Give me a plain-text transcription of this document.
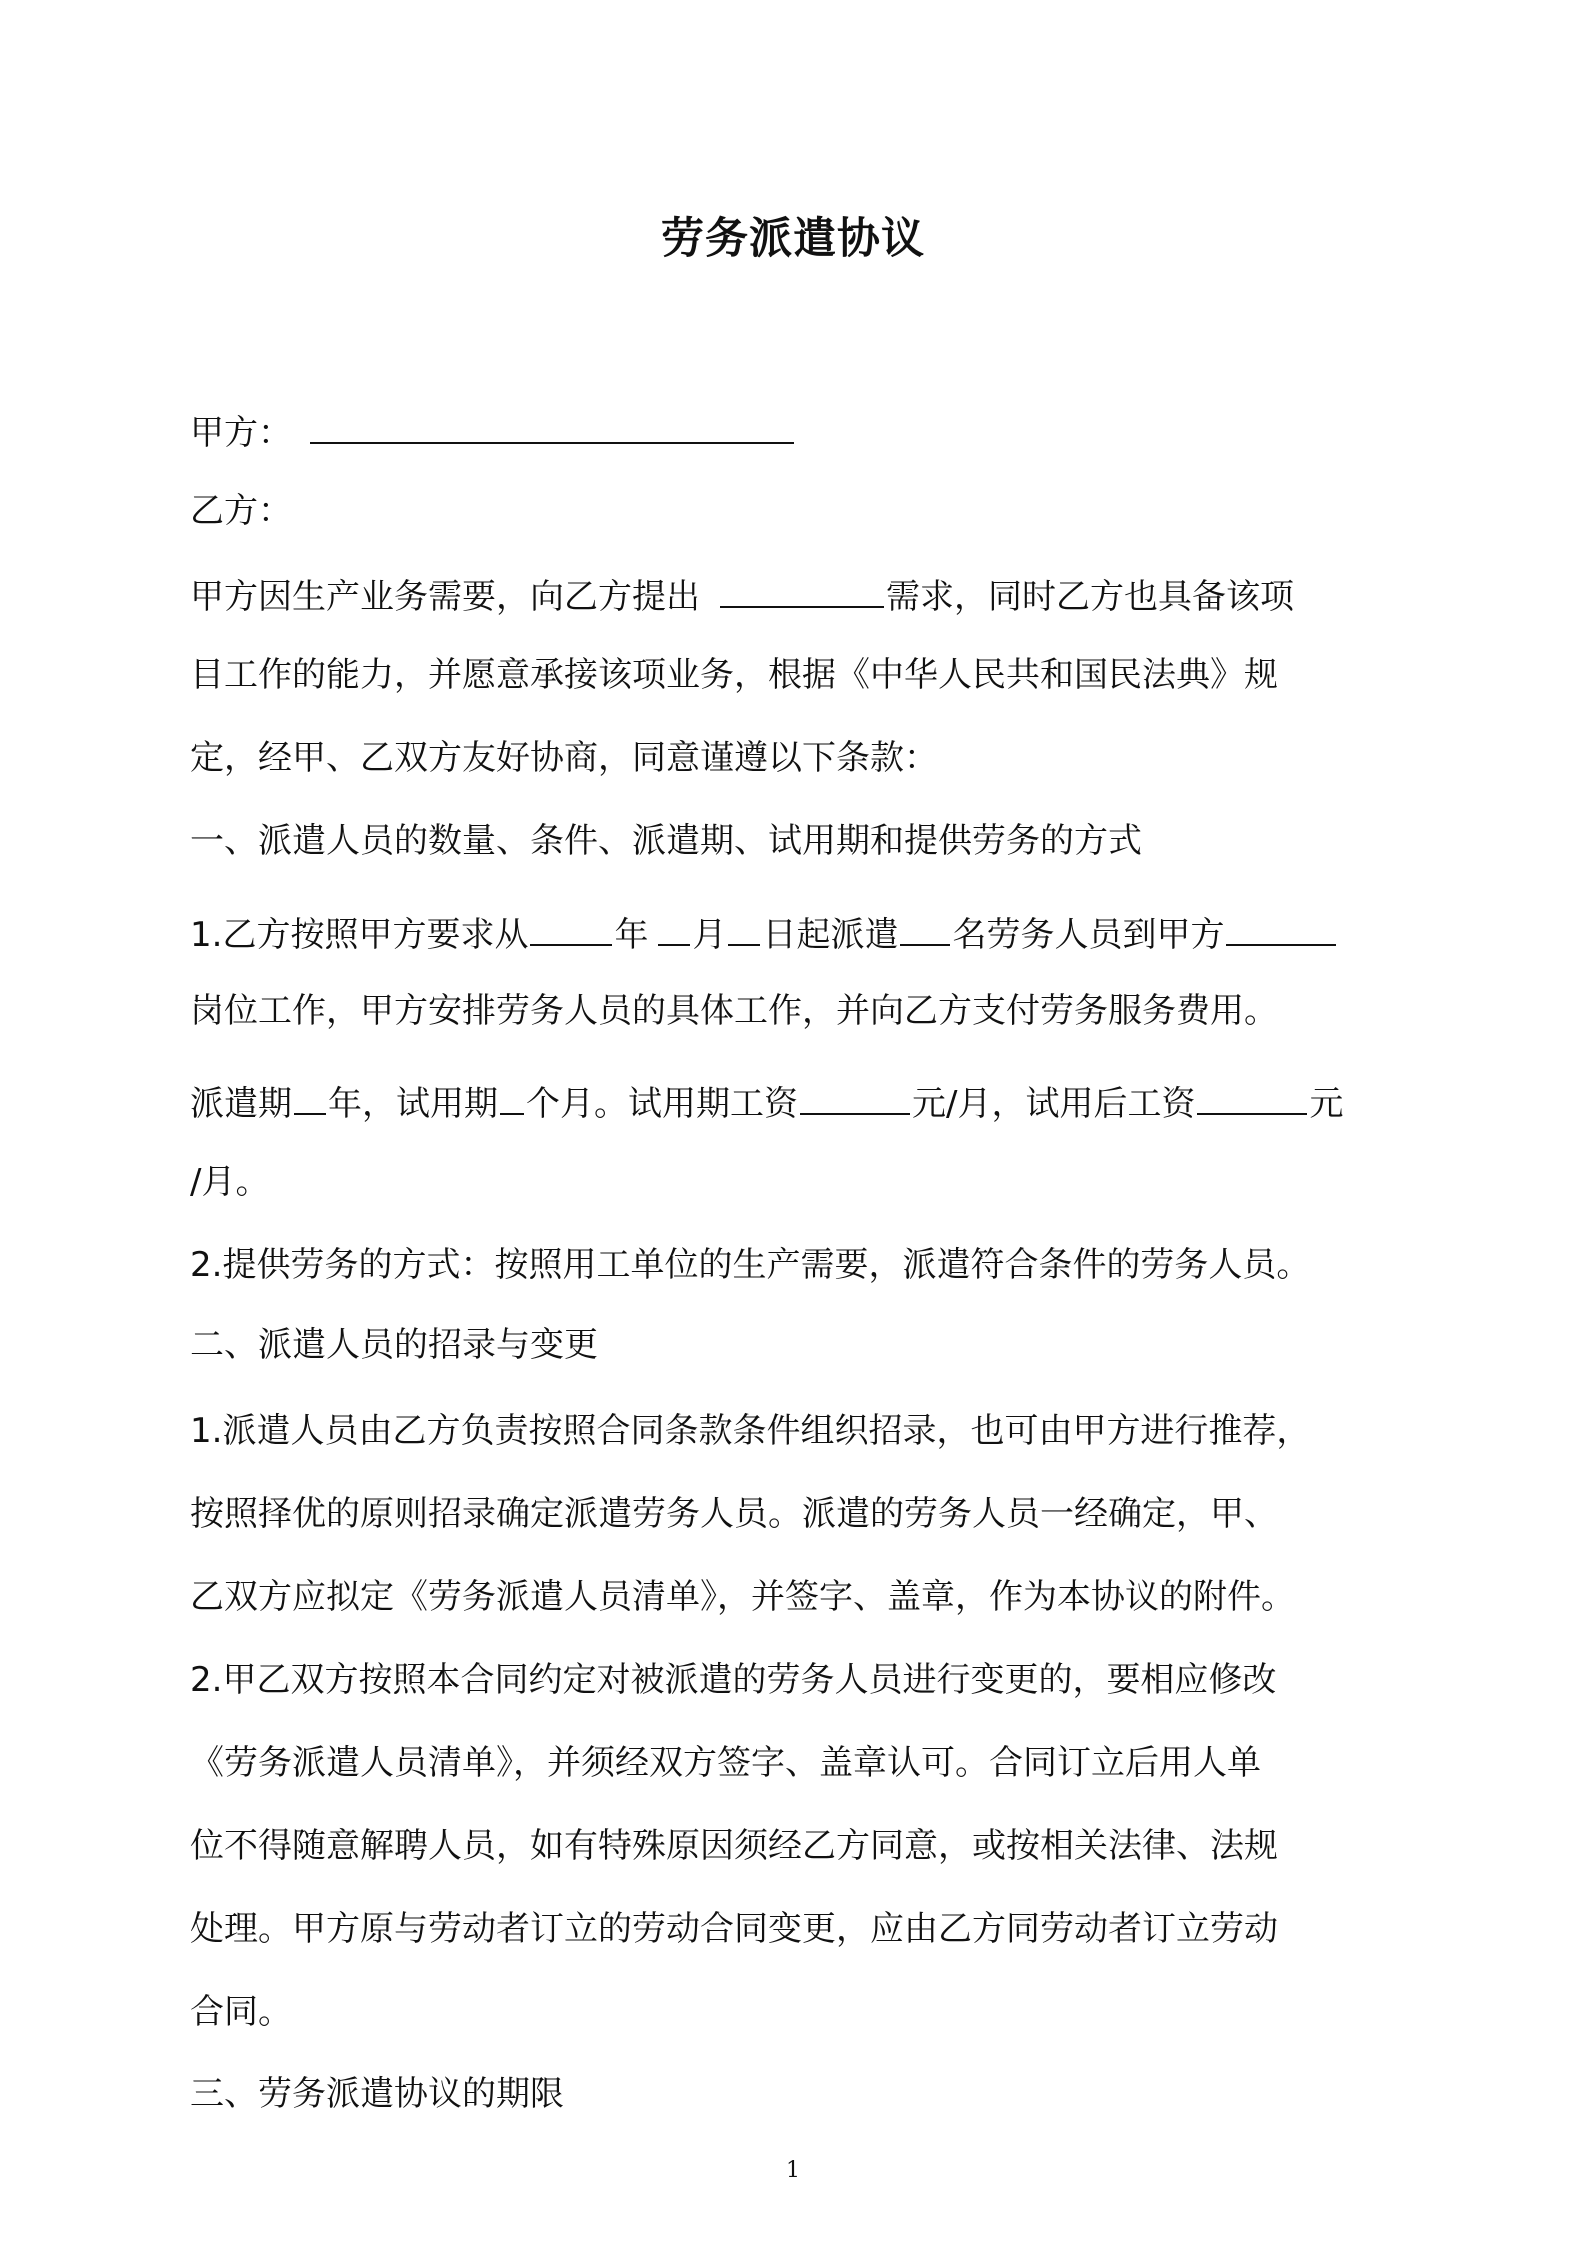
劳务派遣协议
甲方：
乙方：
甲方因生产业务需要，向乙方提出	需求，同时乙方也具备该项
目工作的能力，并愿意承接该项业务，根据《中华人民共和国民法典》规
定，经甲、乙双方友好协商，同意谨遵以下条款：
一、派遣人员的数量、条件、派遣期、试用期和提供劳务的方式
1.乙方按照甲方要求从	年 月 日起派遣 名劳务人员到甲方
岗位工作，甲方安排劳务人员的具体工作，并向乙方支付劳务服务费用。
派遣期 年，试用期 个月。试用期工资	元/月，试用后工资	元
/月。
2.提供劳务的方式：按照用工单位的生产需要，派遣符合条件的劳务人员。
二、派遣人员的招录与变更
1.派遣人员由乙方负责按照合同条款条件组织招录，也可由甲方进行推荐，
按照择优的原则招录确定派遣劳务人员。派遣的劳务人员一经确定，甲、
乙双方应拟定《劳务派遣人员清单》，并签字、盖章，作为本协议的附件。
2.甲乙双方按照本合同约定对被派遣的劳务人员进行变更的，要相应修改
《劳务派遣人员清单》，并须经双方签字、盖章认可。合同订立后用人单
位不得随意解聘人员，如有特殊原因须经乙方同意，或按相关法律、法规
处理。甲方原与劳动者订立的劳动合同变更，应由乙方同劳动者订立劳动
合同。
三、劳务派遣协议的期限
1
